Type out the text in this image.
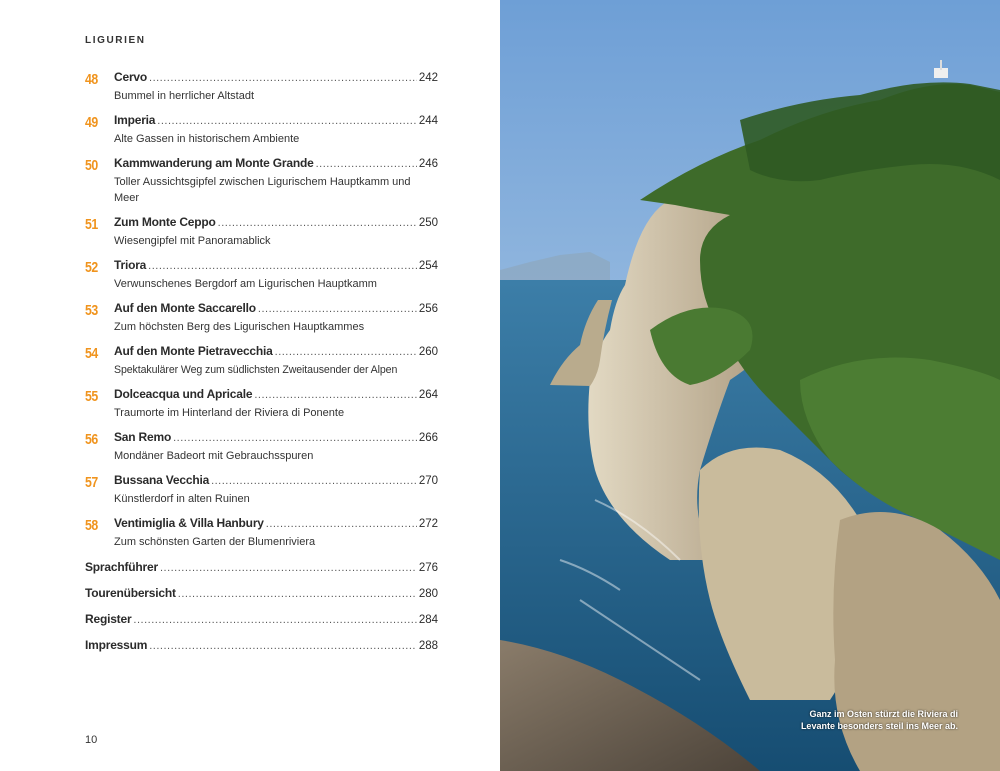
LIGURIEN
48 Cervo .....	242
Bummel in herrlicher Altstadt
49 Imperia .....	244
Alte Gassen in historischem Ambiente
50 Kammwanderung am Monte Grande .....	246
Toller Aussichtsgipfel zwischen Ligurischem Hauptkamm und Meer
51 Zum Monte Ceppo .....	250
Wiesengipfel mit Panoramablick
52 Triora .....	254
Verwunschenes Bergdorf am Ligurischen Hauptkamm
53 Auf den Monte Saccarello .....	256
Zum höchsten Berg des Ligurischen Hauptkammes
54 Auf den Monte Pietravecchia .....	260
Spektakulärer Weg zum südlichsten Zweitausender der Alpen
55 Dolceacqua und Apricale .....	264
Traumorte im Hinterland der Riviera di Ponente
56 San Remo .....	266
Mondäner Badeort mit Gebrauchsspuren
57 Bussana Vecchia .....	270
Künstlerdorf in alten Ruinen
58 Ventimiglia & Villa Hanbury .....	272
Zum schönsten Garten der Blumenriviera
Sprachführer .....	276
Tourenübersicht .....	280
Register .....	284
Impressum .....	288
10
Ganz im Osten stürzt die Riviera di Levante besonders steil ins Meer ab.
